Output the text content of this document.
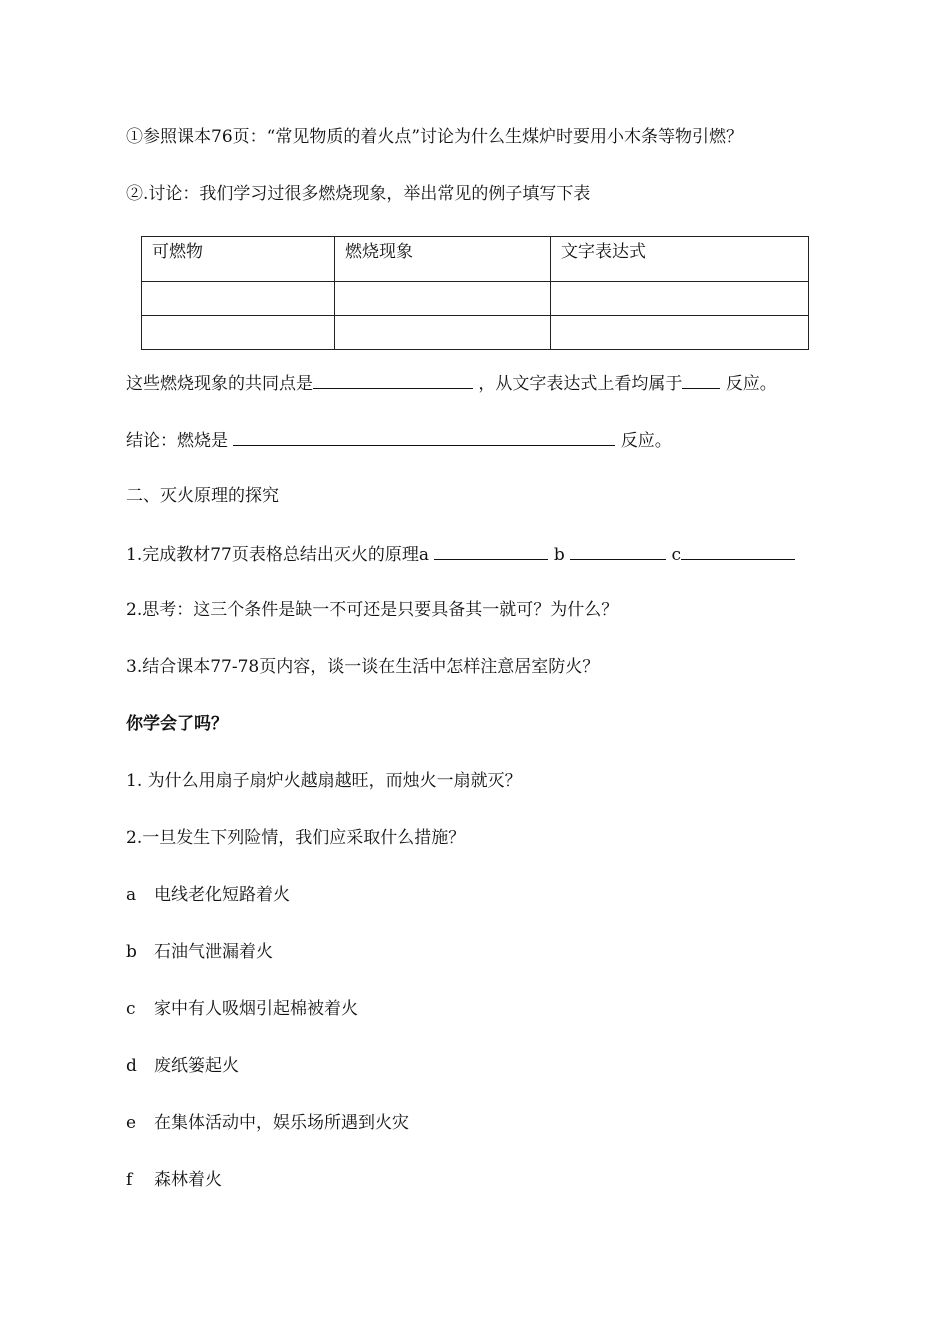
①参照课本76页：“常见物质的着火点”讨论为什么生煤炉时要用小木条等物引燃？
②.讨论：我们学习过很多燃烧现象，举出常见的例子填写下表
可燃物	燃烧现象	文字表达式

这些燃烧现象的共同点是	，从文字表达式上看均属于	反应。
结论：燃烧是	反应。
二、灭火原理的探究
1.完成教材77页表格总结出灭火的原理a	b	c
2.思考：这三个条件是缺一不可还是只要具备其一就可？为什么？
3.结合课本77-78页内容，谈一谈在生活中怎样注意居室防火？
你学会了吗？
1. 为什么用扇子扇炉火越扇越旺，而烛火一扇就灭？
2.一旦发生下列险情，我们应采取什么措施？
a 电线老化短路着火
b 石油气泄漏着火
c 家中有人吸烟引起棉被着火
d 废纸篓起火
e 在集体活动中，娱乐场所遇到火灾
f 森林着火
